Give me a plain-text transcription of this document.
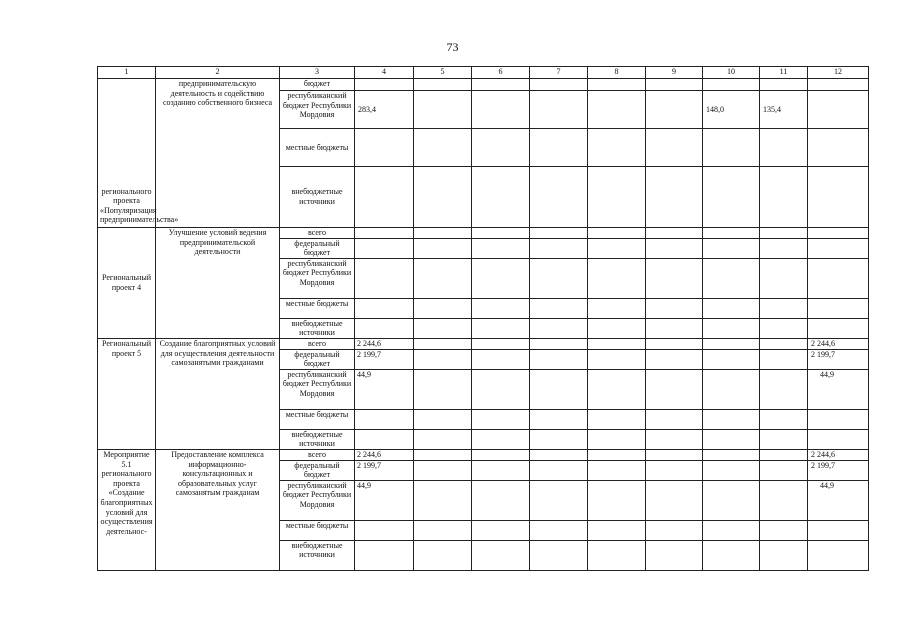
73
1	2	3	4	5	6	7	8	9	10	11	12
регионального проекта «Популяризация предпринимательства»	предпринимательскую деятельность и содействию созданию собственного бизнеса	бюджет									
		республиканский бюджет Республики Мордовия	283,4						148,0	135,4	
		местные бюджеты									
		внебюджетные источники									
Региональный проект 4	Улучшение условий ведения предпринимательской деятельности	всего									
		федеральный бюджет									
		республиканский бюджет Республики Мордовия									
		местные бюджеты									
		внебюджетные источники									
Региональный проект 5	Создание благоприятных условий для осуществления деятельности самозанятыми гражданами	всего	2 244,6								2 244,6
		федеральный бюджет	2 199,7								2 199,7
		республиканский бюджет Республики Мордовия	44,9								44,9
		местные бюджеты									
		внебюджетные источники									
Мероприятие 5.1 регионального проекта «Создание благоприятных условий для осуществления деятельнос-	Предоставление комплекса информационно-консультационных и образовательных услуг самозанятым гражданам	всего	2 244,6								2 244,6
		федеральный бюджет	2 199,7								2 199,7
		республиканский бюджет Республики Мордовия	44,9								44,9
		местные бюджеты									
		внебюджетные источники									
